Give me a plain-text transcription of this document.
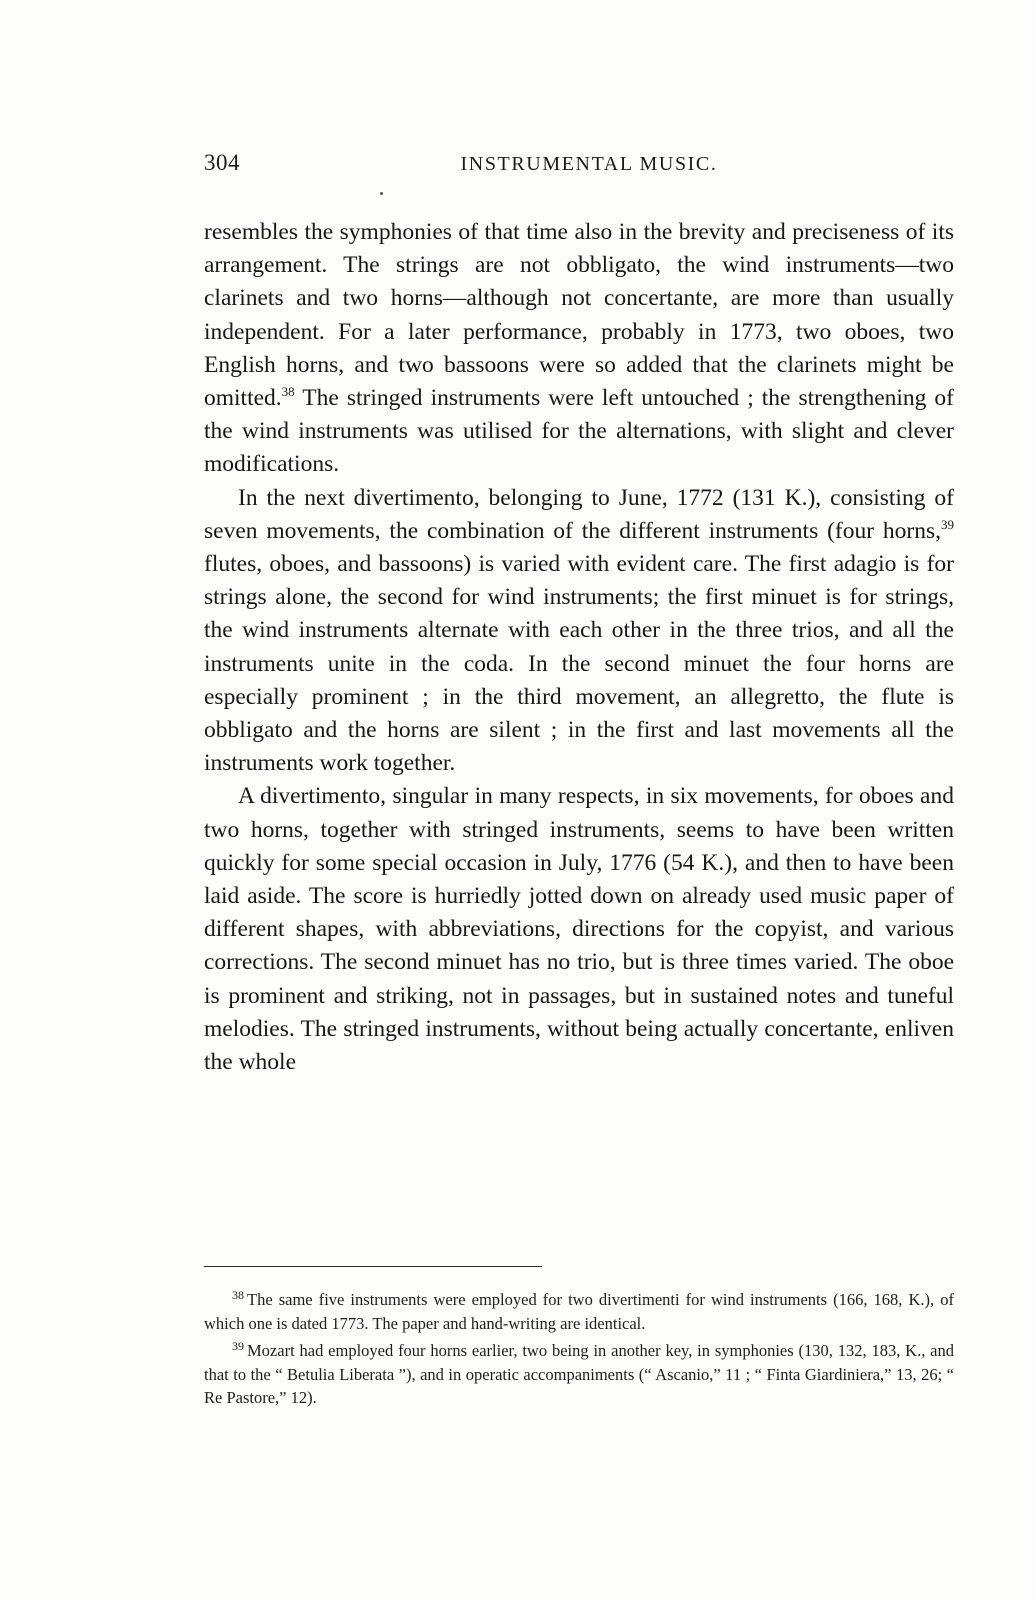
304	INSTRUMENTAL MUSIC.

resembles the symphonies of that time also in the brevity and preciseness of its arrangement. The strings are not obbligato, the wind instruments—two clarinets and two horns—although not concertante, are more than usually independent. For a later performance, probably in 1773, two oboes, two English horns, and two bassoons were so added that the clarinets might be omitted.$^{38}$ The stringed instruments were left untouched ; the strengthening of the wind instruments was utilised for the alternations, with slight and clever modifications.

In the next divertimento, belonging to June, 1772 (131 K.), consisting of seven movements, the combination of the different instruments (four horns,$^{39}$ flutes, oboes, and bassoons) is varied with evident care. The first adagio is for strings alone, the second for wind instruments; the first minuet is for strings, the wind instruments alternate with each other in the three trios, and all the instruments unite in the coda. In the second minuet the four horns are especially prominent ; in the third movement, an allegretto, the flute is obbligato and the horns are silent ; in the first and last movements all the instruments work together.

A divertimento, singular in many respects, in six movements, for oboes and two horns, together with stringed instruments, seems to have been written quickly for some special occasion in July, 1776 (54 K.), and then to have been laid aside. The score is hurriedly jotted down on already used music paper of different shapes, with abbreviations, directions for the copyist, and various corrections. The second minuet has no trio, but is three times varied. The oboe is prominent and striking, not in passages, but in sustained notes and tuneful melodies. The stringed instruments, without being actually concertante, enliven the whole

$^{38}$ The same five instruments were employed for two divertimenti for wind instruments (166, 168, K.), of which one is dated 1773. The paper and hand-writing are identical.

$^{39}$ Mozart had employed four horns earlier, two being in another key, in symphonies (130, 132, 183, K., and that to the “ Betulia Liberata ”), and in operatic accompaniments (“ Ascanio,” 11 ; “ Finta Giardiniera,” 13, 26; “ Re Pastore,” 12).
